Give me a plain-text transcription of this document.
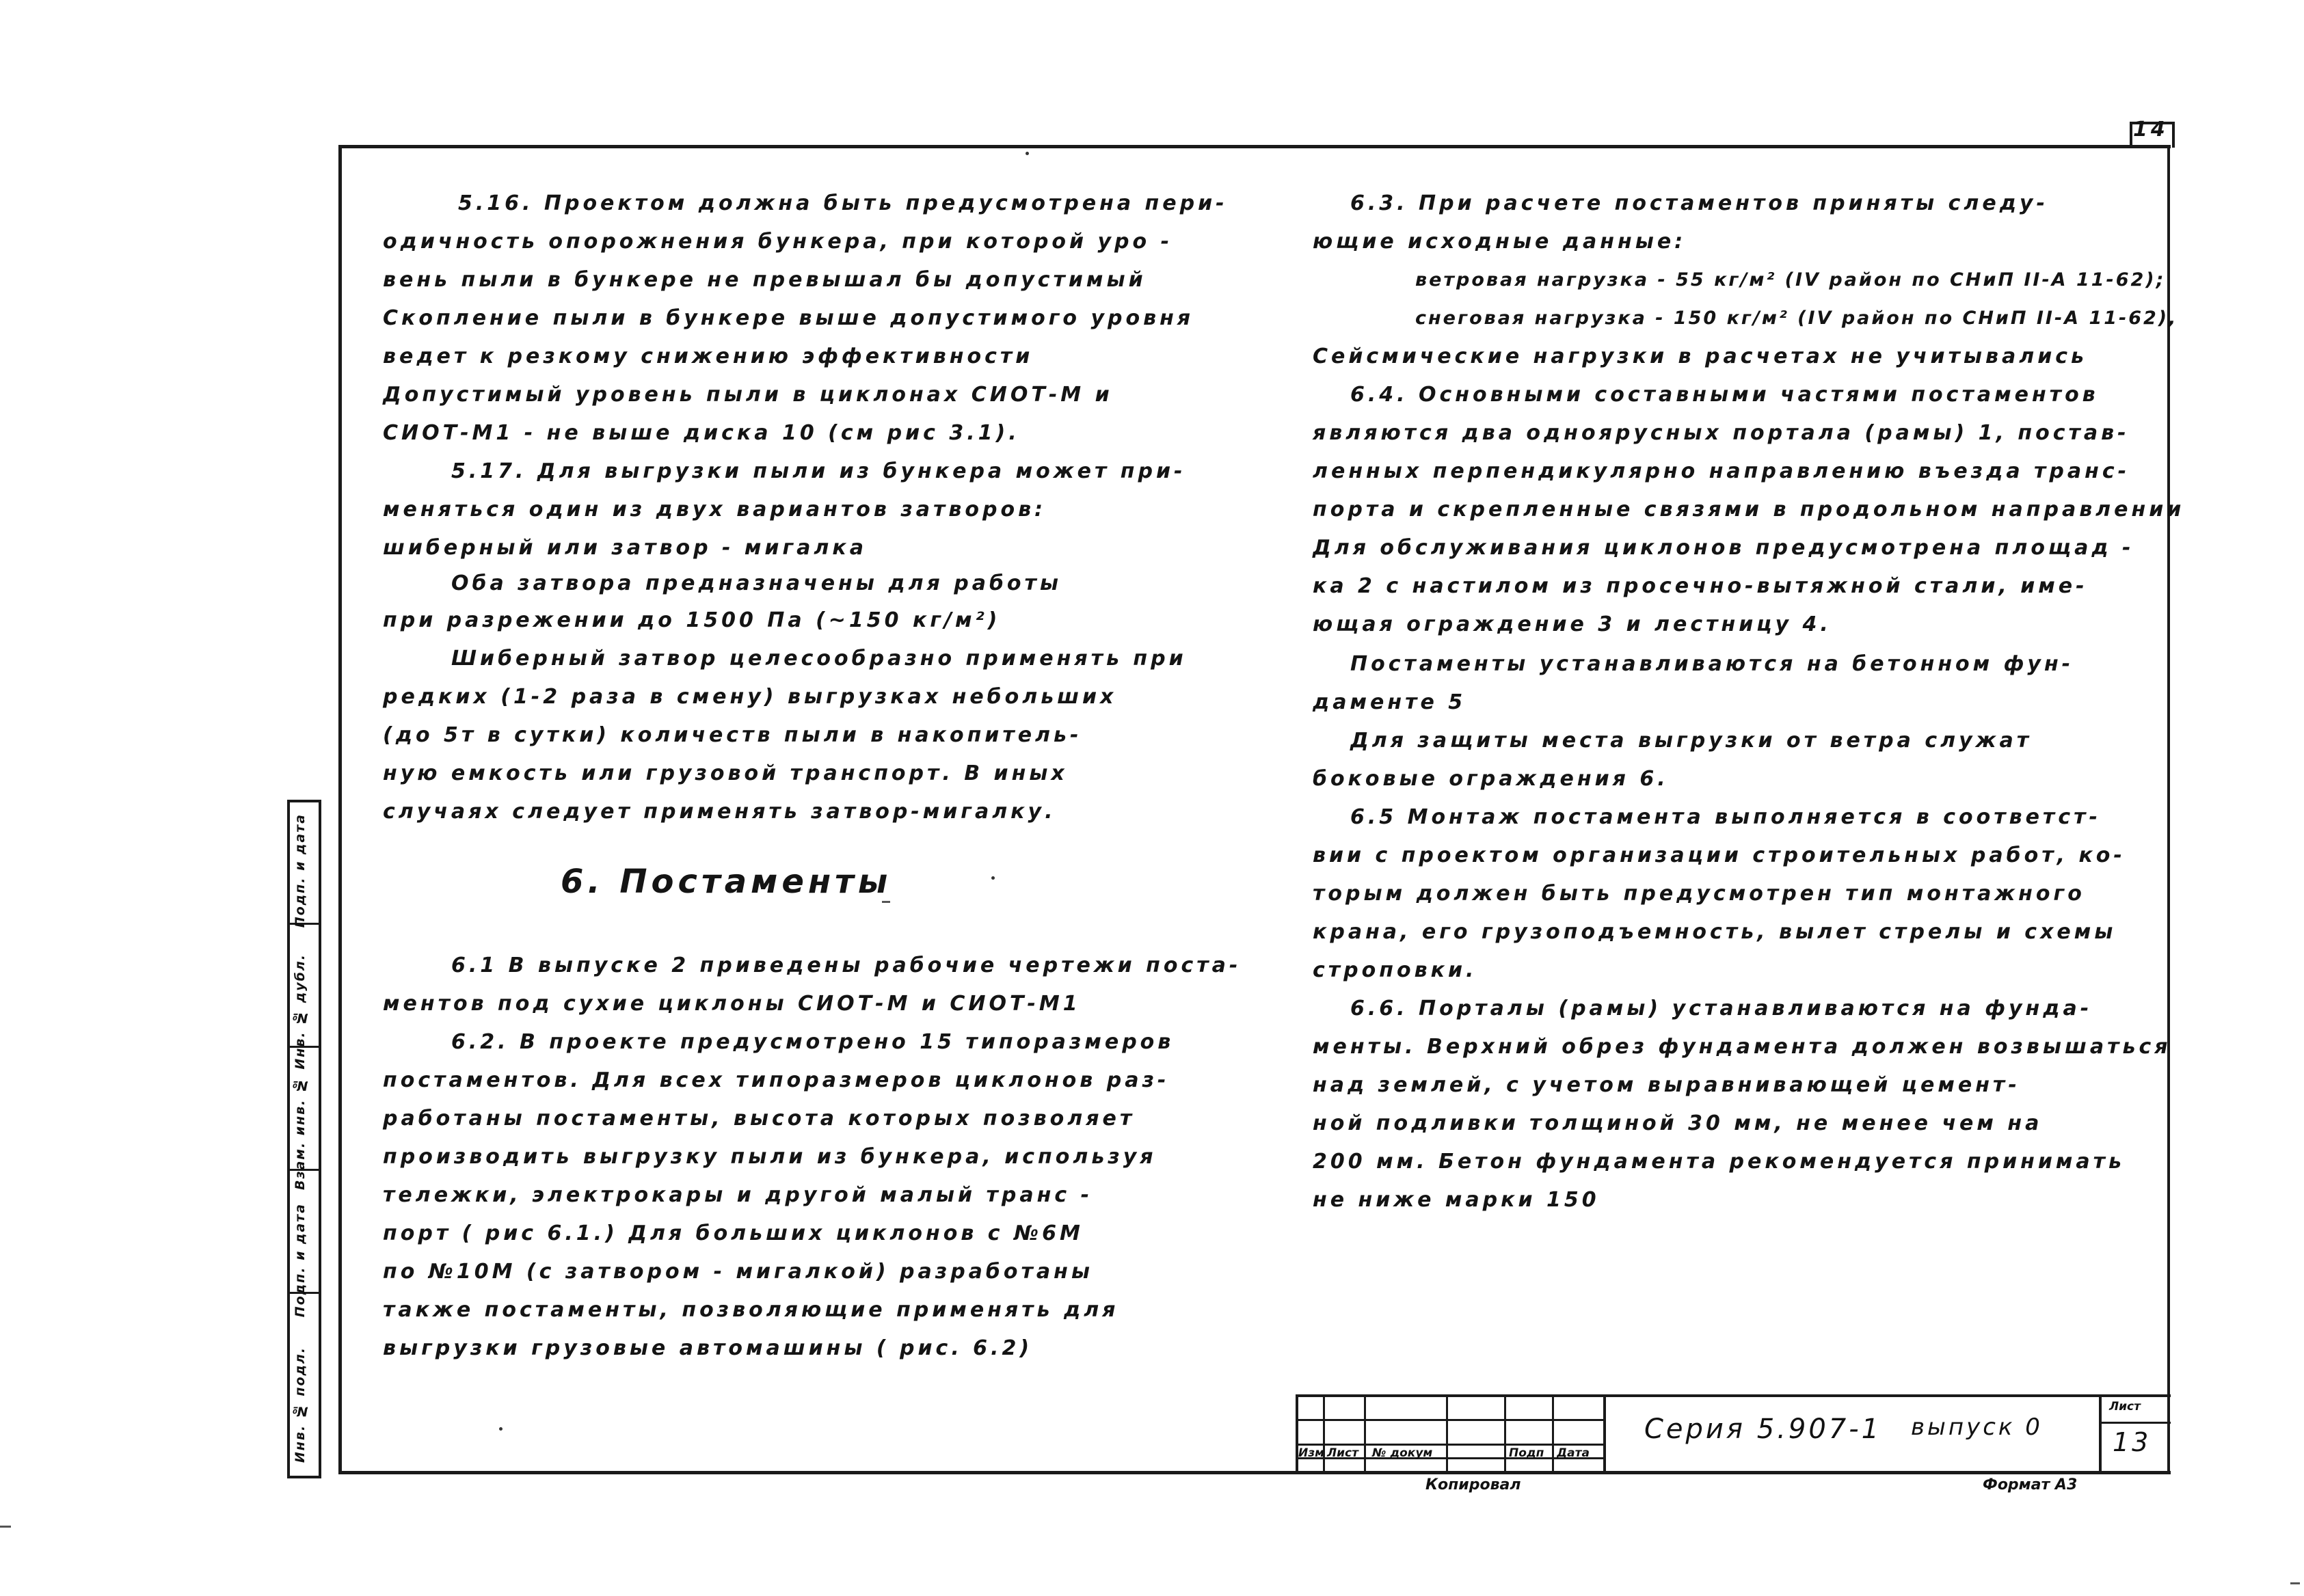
14
5.16. Проектом должна быть предусмотрена пери-
одичность опорожнения бункера, при которой уро -
вень пыли в бункере не превышал бы допустимый
Скопление пыли в бункере выше допустимого уровня
ведет к резкому снижению эффективности
Допустимый уровень пыли в циклонах СИОТ-М и
СИОТ-М1 - не выше диска 10 (см рис 3.1).
5.17. Для выгрузки пыли из бункера может при-
меняться один из двух вариантов затворов:
шиберный или затвор - мигалка
Оба затвора предназначены для работы
при разрежении до 1500 Па (~150 кг/м²)
Шиберный затвор целесообразно применять при
редких (1-2 раза в смену) выгрузках небольших
(до 5т в сутки) количеств пыли в накопитель-
ную емкость или грузовой транспорт. В иных
случаях следует применять затвор-мигалку.
6. Постаменты
6.1 В выпуске 2 приведены рабочие чертежи поста-
ментов под сухие циклоны СИОТ-М и СИОТ-М1
6.2. В проекте предусмотрено 15 типоразмеров
постаментов. Для всех типоразмеров циклонов раз-
работаны постаменты, высота которых позволяет
производить выгрузку пыли из бункера, используя
тележки, электрокары и другой малый транс -
порт ( рис 6.1.) Для больших циклонов с №6М
по №10М (с затвором - мигалкой) разработаны
также постаменты, позволяющие применять для
выгрузки грузовые автомашины ( рис. 6.2)
6.3. При расчете постаментов приняты следу-
ющие исходные данные:
ветровая нагрузка - 55 кг/м² (IV район по СНиП II-А 11-62);
снеговая нагрузка - 150 кг/м² (IV район по СНиП II-А 11-62),
Сейсмические нагрузки в расчетах не учитывались
6.4. Основными составными частями постаментов
являются два одноярусных портала (рамы) 1, постав-
ленных перпендикулярно направлению въезда транс-
порта и скрепленные связями в продольном направлении
Для обслуживания циклонов предусмотрена площад -
ка 2 с настилом из просечно-вытяжной стали, име-
ющая ограждение 3 и лестницу 4.
Постаменты устанавливаются на бетонном фун-
даменте 5
Для защиты места выгрузки от ветра служат
боковые ограждения 6.
6.5 Монтаж постамента выполняется в соответст-
вии с проектом организации строительных работ, ко-
торым должен быть предусмотрен тип монтажного
крана, его грузоподъемность, вылет стрелы и схемы
строповки.
6.6. Порталы (рамы) устанавливаются на фунда-
менты. Верхний обрез фундамента должен возвышаться
над землей, с учетом выравнивающей цемент-
ной подливки толщиной 30 мм, не менее чем на
200 мм. Бетон фундамента рекомендуется принимать
не ниже марки 150
Инв. № подл.
Подп. и дата
Взам. инв. №
Инв. № дубл.
Подп. и дата
Изм Лист № докум	Подп Дата
Серия 5.907-1 выпуск 0
Лист
13
Копировал	Формат А3
